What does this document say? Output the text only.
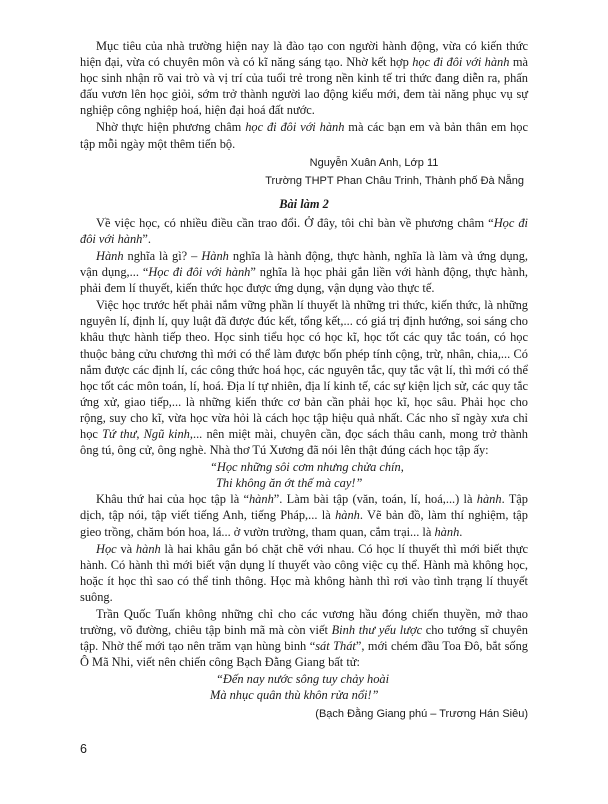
Mục tiêu của nhà trường hiện nay là đào tạo con người hành động, vừa có kiến thức hiện đại, vừa có chuyên môn và có kĩ năng sáng tạo. Nhờ kết hợp học đi đôi với hành mà học sinh nhận rõ vai trò và vị trí của tuổi trẻ trong nền kinh tế tri thức đang diễn ra, phấn đấu vươn lên học giỏi, sớm trở thành người lao động kiểu mới, đem tài năng phục vụ sự nghiệp công nghiệp hoá, hiện đại hoá đất nước.

Nhờ thực hiện phương châm học đi đôi với hành mà các bạn em và bản thân em học tập mỗi ngày một thêm tiến bộ.

Nguyễn Xuân Anh, Lớp 11
Trường THPT Phan Châu Trinh, Thành phố Đà Nẵng
Bài làm 2

Về việc học, có nhiều điều cần trao đổi. Ở đây, tôi chỉ bàn về phương châm “Học đi đôi với hành”.

Hành nghĩa là gì? – Hành nghĩa là hành động, thực hành, nghĩa là làm và ứng dụng, vận dụng,... “Học đi đôi với hành” nghĩa là học phải gắn liền với hành động, thực hành, phải đem lí thuyết, kiến thức học được ứng dụng, vận dụng vào thực tế.

Việc học trước hết phải nắm vững phần lí thuyết là những tri thức, kiến thức, là những nguyên lí, định lí, quy luật đã được đúc kết, tổng kết,... có giá trị định hướng, soi sáng cho khâu thực hành tiếp theo. Học sinh tiểu học có học kĩ, học tốt các quy tắc toán, có học thuộc bảng cửu chương thì mới có thể làm được bốn phép tính cộng, trừ, nhân, chia,... Có nắm được các định lí, các công thức hoá học, các nguyên tắc, quy tắc vật lí, thì mới có thể học tốt các môn toán, lí, hoá. Địa lí tự nhiên, địa lí kinh tế, các sự kiện lịch sử, các quy tắc ứng xử, giao tiếp,... là những kiến thức cơ bản cần phải học kĩ, học sâu. Phải học cho rộng, suy cho kĩ, vừa học vừa hỏi là cách học tập hiệu quả nhất. Các nho sĩ ngày xưa chỉ học Tứ thư, Ngũ kinh,... nên miệt mài, chuyên cần, đọc sách thâu canh, mong trở thành ông tú, ông cử, ông nghè. Nhà thơ Tú Xương đã nói lên thật đúng cách học tập ấy:

“Học những sôi cơm nhưng chửa chín,
Thi không ăn ớt thế mà cay!”

Khâu thứ hai của học tập là “hành”. Làm bài tập (văn, toán, lí, hoá,...) là hành. Tập dịch, tập nói, tập viết tiếng Anh, tiếng Pháp,... là hành. Vẽ bản đồ, làm thí nghiệm, tập gieo trồng, chăm bón hoa, lá... ở vườn trường, tham quan, cắm trại... là hành.

Học và hành là hai khâu gắn bó chặt chẽ với nhau. Có học lí thuyết thì mới biết thực hành. Có hành thì mới biết vận dụng lí thuyết vào công việc cụ thể. Hành mà không học, hoặc ít học thì sao có thể tinh thông. Học mà không hành thì rơi vào tình trạng lí thuyết suông.

Trần Quốc Tuấn không những chỉ cho các vương hầu đóng chiến thuyền, mở thao trường, võ đường, chiêu tập binh mã mà còn viết Binh thư yếu lược cho tướng sĩ chuyên tập. Nhờ thế mới tạo nên trăm vạn hùng binh “sát Thát”, mới chém đầu Toa Đô, bắt sống Ô Mã Nhi, viết nên chiến công Bạch Đằng Giang bất tử:

“Đến nay nước sông tuy chảy hoài
Mà nhục quân thù khôn rửa nổi!”
(Bạch Đằng Giang phú – Trương Hán Siêu)
6
